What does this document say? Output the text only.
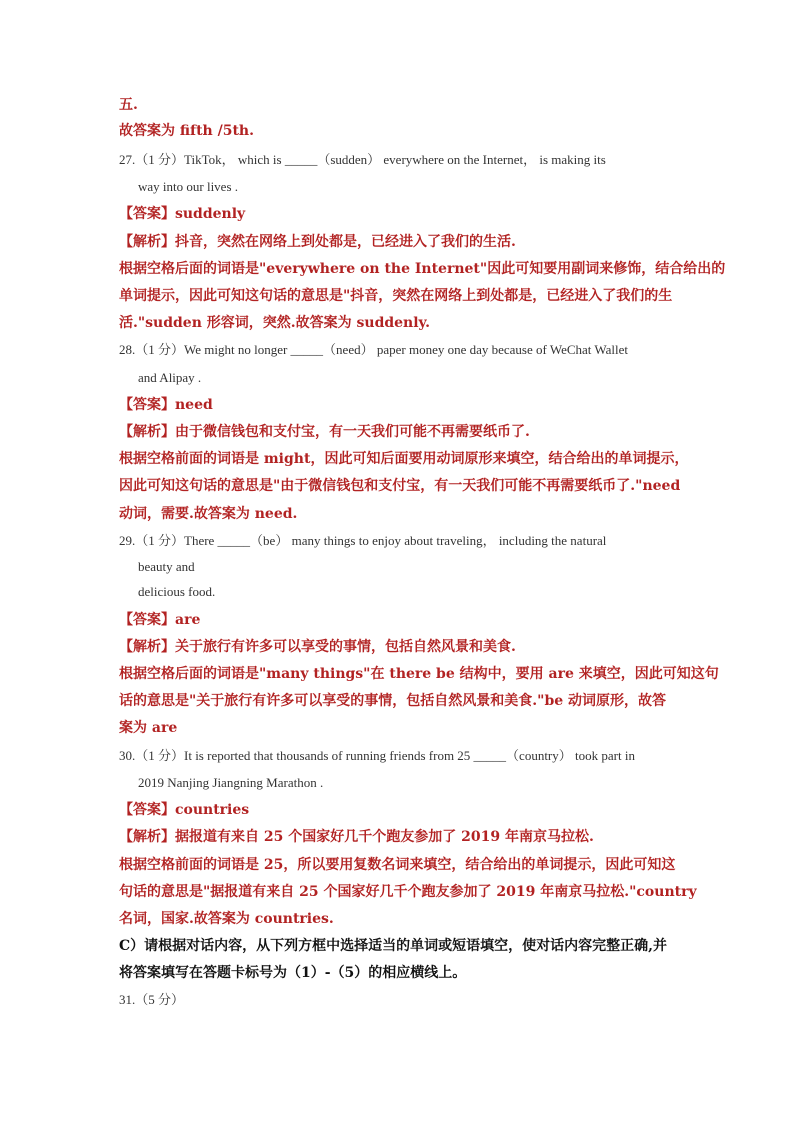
五.
故答案为 fifth /5th.
27.（1 分）TikTok， which is _____（sudden） everywhere on the Internet， is making its
way into our lives .
【答案】suddenly
【解析】抖音，突然在网络上到处都是，已经进入了我们的生活.
根据空格后面的词语是"everywhere on the Internet"因此可知要用副词来修饰，结合给出的
单词提示，因此可知这句话的意思是"抖音，突然在网络上到处都是，已经进入了我们的生
活."sudden 形容词，突然.故答案为 suddenly.
28.（1 分）We might no longer _____（need） paper money one day because of WeChat Wallet
and Alipay .
【答案】need
【解析】由于微信钱包和支付宝，有一天我们可能不再需要纸币了.
根据空格前面的词语是 might，因此可知后面要用动词原形来填空，结合给出的单词提示，
因此可知这句话的意思是"由于微信钱包和支付宝，有一天我们可能不再需要纸币了."need
动词，需要.故答案为 need.
29.（1 分）There _____（be） many things to enjoy about traveling， including the natural
beauty and
delicious food.
【答案】are
【解析】关于旅行有许多可以享受的事情，包括自然风景和美食.
根据空格后面的词语是"many things"在 there be 结构中，要用 are 来填空，因此可知这句
话的意思是"关于旅行有许多可以享受的事情，包括自然风景和美食."be 动词原形，故答
案为 are
30.（1 分）It is reported that thousands of running friends from 25 _____（country） took part in
2019 Nanjing Jiangning Marathon .
【答案】countries
【解析】据报道有来自 25 个国家好几千个跑友参加了 2019 年南京马拉松.
根据空格前面的词语是 25，所以要用复数名词来填空，结合给出的单词提示，因此可知这
句话的意思是"据报道有来自 25 个国家好几千个跑友参加了 2019 年南京马拉松."country
名词，国家.故答案为 countries.
C）请根据对话内容，从下列方框中选择适当的单词或短语填空，使对话内容完整正确,并
将答案填写在答题卡标号为（1）-（5）的相应横线上。
31.（5 分）
